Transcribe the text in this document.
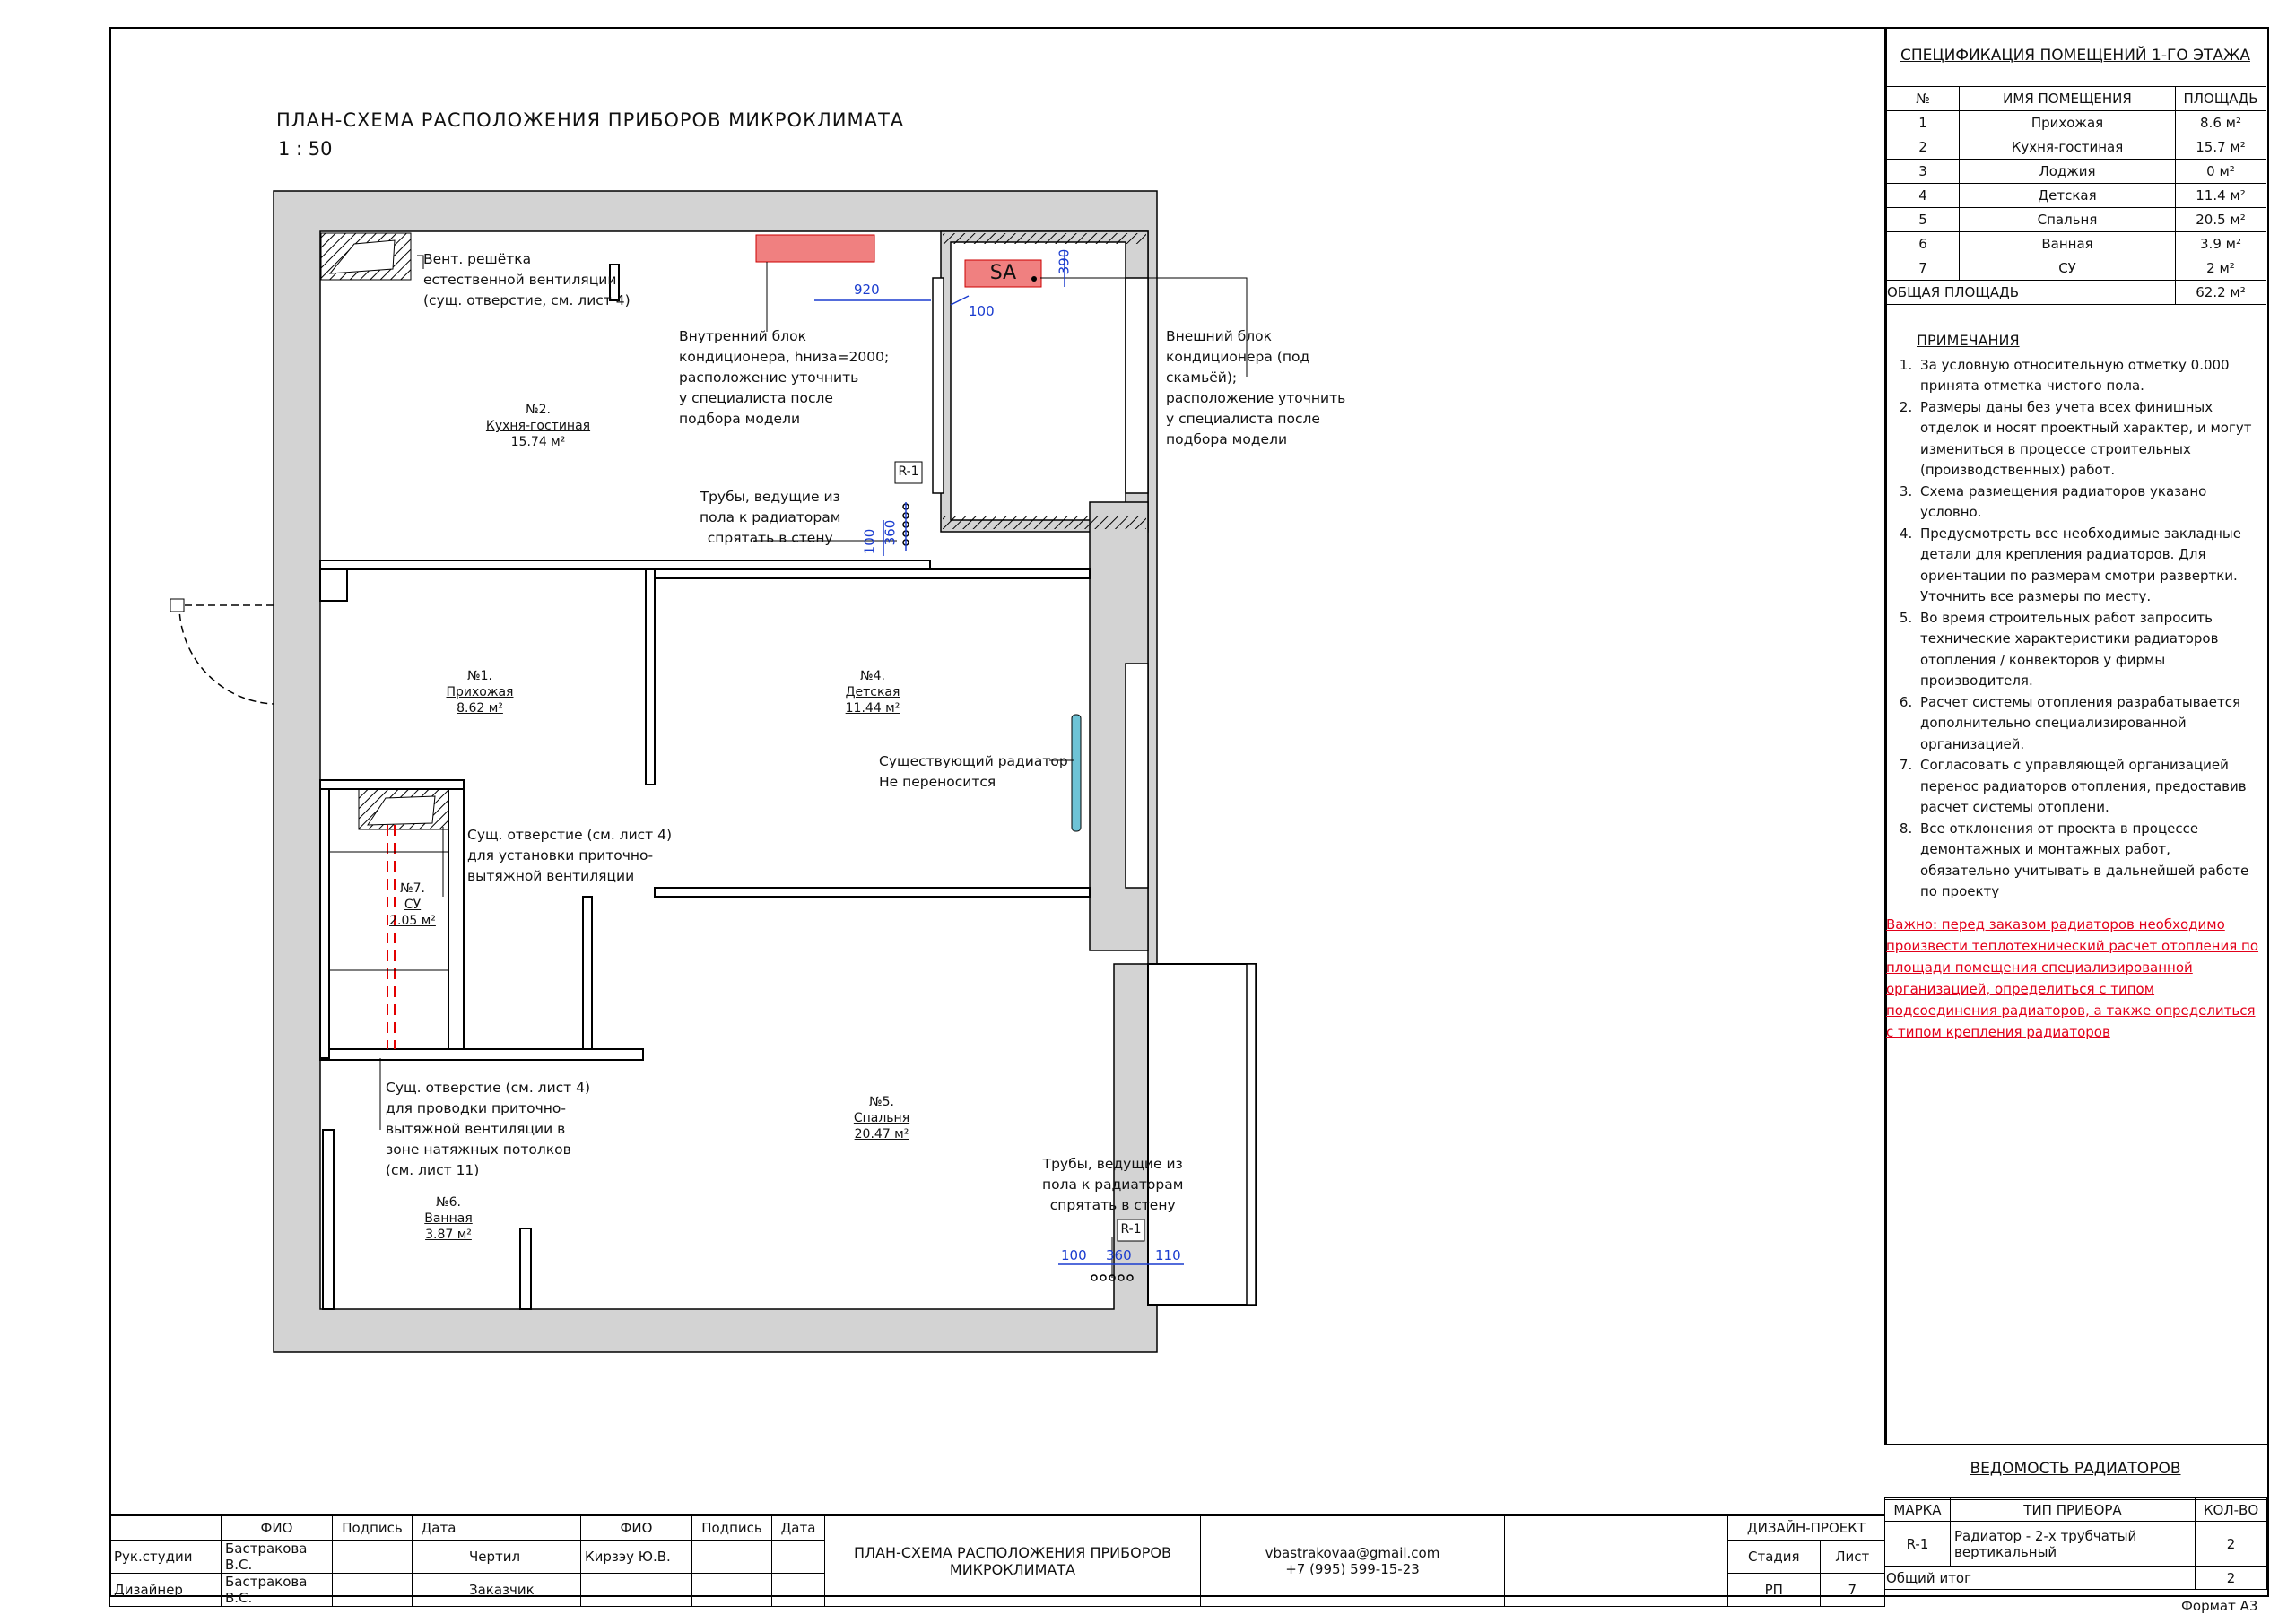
ПЛАН-СХЕМА РАСПОЛОЖЕНИЯ ПРИБОРОВ МИКРОКЛИМАТА
1 : 50
№2.
Кухня-гостиная
15.74 м²
№1.
Прихожая
8.62 м²
№4.
Детская
11.44 м²
№7.
СУ
2.05 м²
№5.
Спальня
20.47 м²
№6.
Ванная
3.87 м²
Вент. решётка
естественной вентиляции
(сущ. отверстие, см. лист 4)
Внутренний блок
кондиционера, hнизa=2000;
расположение уточнить
у специалиста после
подбора модели
Внешний блок
кондиционера (под
скамьёй);
расположение уточнить
у специалиста после
подбора модели
Трубы, ведущие из
пола к радиаторам
спрятать в стену
Существующий радиатор
Не переносится
Сущ. отверстие (см. лист 4)
для установки приточно-
вытяжной вентиляции
Сущ. отверстие (см. лист 4)
для проводки приточно-
вытяжной вентиляции в
зоне натяжных потолков
(см. лист 11)	Трубы, ведущие из
пола к радиаторам
спрятать в стену
920
390
100
360
100
100 360 110
SA
R-1
R-1
СПЕЦИФИКАЦИЯ ПОМЕЩЕНИЙ 1-ГО ЭТАЖА
№	ИМЯ ПОМЕЩЕНИЯ	ПЛОЩАДЬ
1	Прихожая	8.6 м²
2	Кухня-гостиная	15.7 м²
3	Лоджия	0 м²
4	Детская	11.4 м²
5	Спальня	20.5 м²
6	Ванная	3.9 м²
7	СУ	2 м²
ОБЩАЯ ПЛОЩАДЬ		62.2 м²
ПРИМЕЧАНИЯ
1. За условную относительную отметку 0.000 принята отметка чистого пола.
2. Размеры даны без учета всех финишных отделок и носят проектный характер, и могут измениться в процессе строительных (производственных) работ.
3. Схема размещения радиаторов указано условно.
4. Предусмотреть все необходимые закладные детали для крепления радиаторов. Для ориентации по размерам смотри развертки. Уточнить все размеры по месту.
5. Во время строительных работ запросить технические характеристики радиаторов отопления / конвекторов у фирмы производителя.
6. Расчет системы отопления разрабатывается дополнительно специализированной организацией.
7. Согласовать с управляющей организацией перенос радиаторов отопления, предоставив расчет системы отоплени.
8. Все отклонения от проекта в процессе демонтажных и монтажных работ, обязательно учитывать в дальнейшей работе по проекту
Важно: перед заказом радиаторов необходимо произвести теплотехнический расчет отопления по площади помещения специализированной организацией, определиться с типом подсоединения радиаторов, а также определиться с типом крепления радиаторов
ВЕДОМОСТЬ РАДИАТОРОВ
МАРКА	ТИП ПРИБОРА	КОЛ-ВО
R-1	Радиатор - 2-х трубчатый вертикальный	2
Общий итог		2
	ФИО	Подпись	Дата		ФИО	Подпись	Дата	ПЛАН-СХЕМА РАСПОЛОЖЕНИЯ ПРИБОРОВ МИКРОКЛИМАТА	vbastrakovaa@gmail.com
+7 (995) 599-15-23		ДИЗАЙН-ПРОЕКТ	
Рук.студии	Бастракова В.С.			Чертил	Кирзэу Ю.В.						Стадия	Лист
Дизайнер	Бастракова В.С.			Заказчик							РП	7
Формат А3
